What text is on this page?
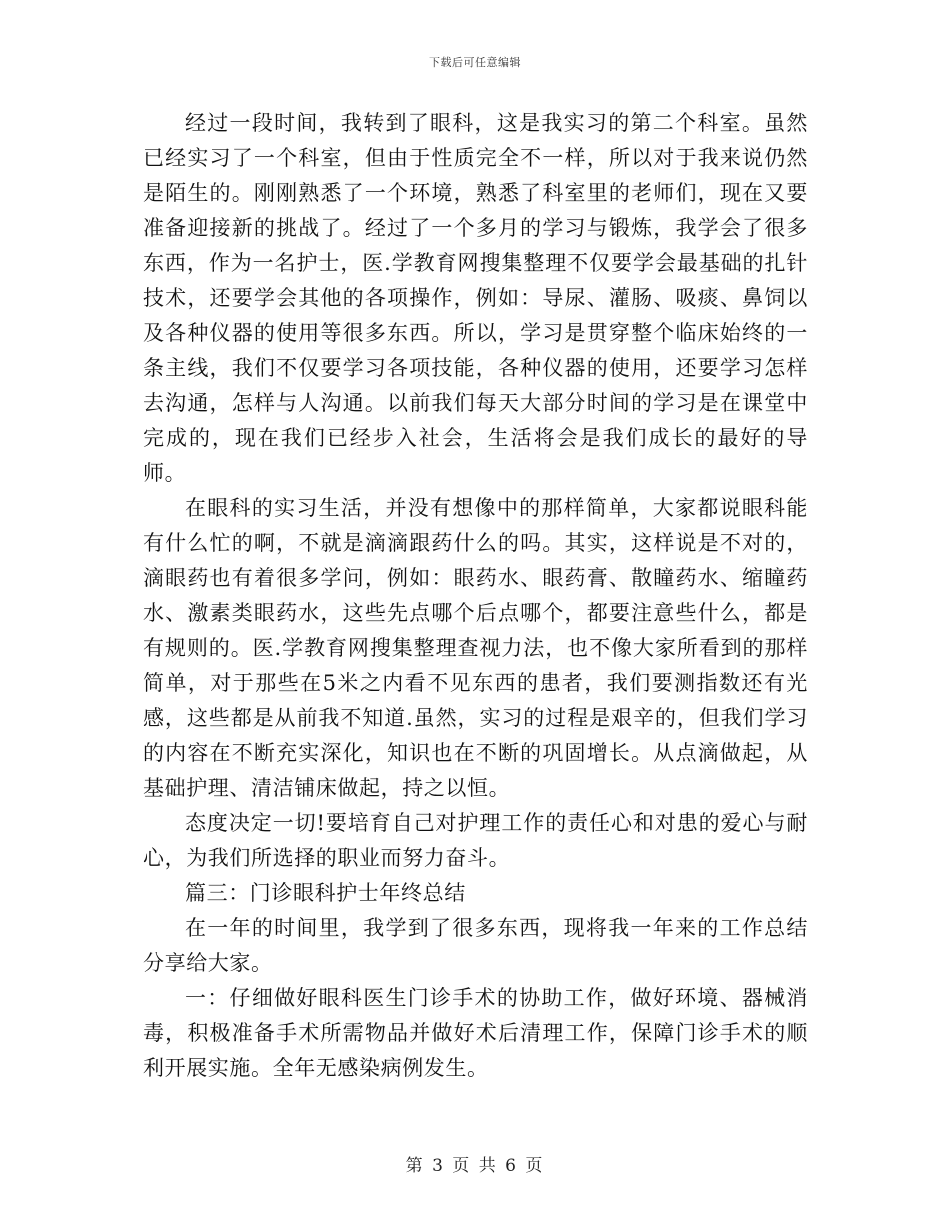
下载后可任意编辑

经过一段时间，我转到了眼科，这是我实习的第二个科室。虽然已经实习了一个科室，但由于性质完全不一样，所以对于我来说仍然是陌生的。刚刚熟悉了一个环境，熟悉了科室里的老师们，现在又要准备迎接新的挑战了。经过了一个多月的学习与锻炼，我学会了很多东西，作为一名护士，医.学教育网搜集整理不仅要学会最基础的扎针技术，还要学会其他的各项操作，例如：导尿、灌肠、吸痰、鼻饲以及各种仪器的使用等很多东西。所以，学习是贯穿整个临床始终的一条主线，我们不仅要学习各项技能，各种仪器的使用，还要学习怎样去沟通，怎样与人沟通。以前我们每天大部分时间的学习是在课堂中完成的，现在我们已经步入社会，生活将会是我们成长的最好的导师。

在眼科的实习生活，并没有想像中的那样简单，大家都说眼科能有什么忙的啊，不就是滴滴跟药什么的吗。其实，这样说是不对的，滴眼药也有着很多学问，例如：眼药水、眼药膏、散瞳药水、缩瞳药水、激素类眼药水，这些先点哪个后点哪个，都要注意些什么，都是有规则的。医.学教育网搜集整理查视力法，也不像大家所看到的那样简单，对于那些在5米之内看不见东西的患者，我们要测指数还有光感，这些都是从前我不知道.虽然，实习的过程是艰辛的，但我们学习的内容在不断充实深化，知识也在不断的巩固增长。从点滴做起，从基础护理、清洁铺床做起，持之以恒。

态度决定一切!要培育自己对护理工作的责任心和对患的爱心与耐心，为我们所选择的职业而努力奋斗。

篇三：门诊眼科护士年终总结

在一年的时间里，我学到了很多东西，现将我一年来的工作总结分享给大家。

一：仔细做好眼科医生门诊手术的协助工作，做好环境、器械消毒，积极准备手术所需物品并做好术后清理工作，保障门诊手术的顺利开展实施。全年无感染病例发生。

第 3 页 共 6 页
